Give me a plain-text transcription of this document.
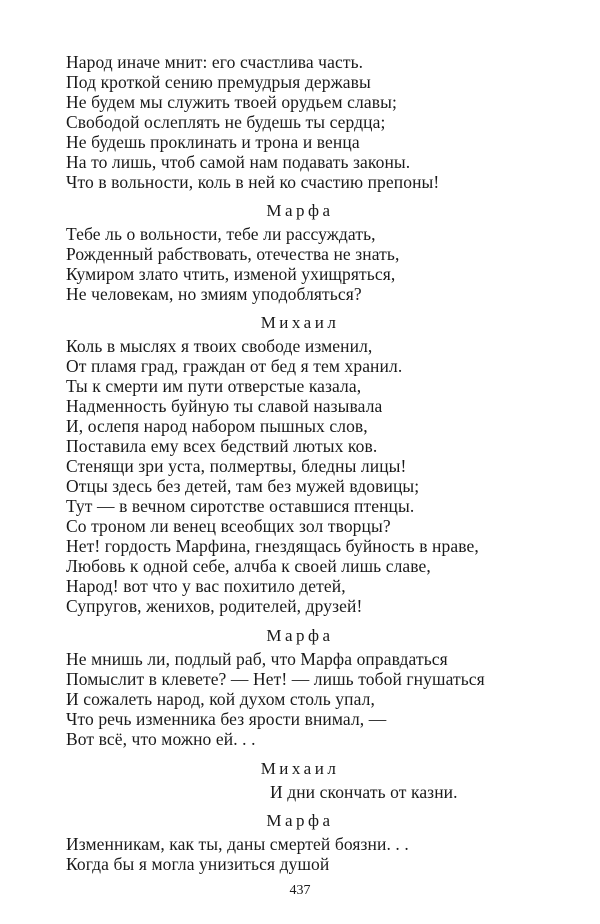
Народ иначе мнит: его счастлива часть.
Под кроткой сению премудрыя державы
Не будем мы служить твоей орудьем славы;
Свободой ослеплять не будешь ты сердца;
Не будешь проклинать и трона и венца
На то лишь, чтоб самой нам подавать законы.
Что в вольности, коль в ней ко счастию препоны!
Марфа
Тебе ль о вольности, тебе ли рассуждать,
Рожденный рабствовать, отечества не знать,
Кумиром злато чтить, изменой ухищряться,
Не человекам, но змиям уподобляться?
Михаил
Коль в мыслях я твоих свободе изменил,
От пламя град, граждан от бед я тем хранил.
Ты к смерти им пути отверстые казала,
Надменность буйную ты славой называла
И, ослепя народ набором пышных слов,
Поставила ему всех бедствий лютых ков.
Стенящи зри уста, полмертвы, бледны лицы!
Отцы здесь без детей, там без мужей вдовицы;
Тут — в вечном сиротстве оставшися птенцы.
Со троном ли венец всеобщих зол творцы?
Нет! гордость Марфина, гнездящась буйность в нраве,
Любовь к одной себе, алчба к своей лишь славе,
Народ! вот что у вас похитило детей,
Супругов, женихов, родителей, друзей!
Марфа
Не мнишь ли, подлый раб, что Марфа оправдаться
Помыслит в клевете? — Нет! — лишь тобой гнушаться
И сожалеть народ, кой духом столь упал,
Что речь изменника без ярости внимал, —
Вот всё, что можно ей. . .
Михаил
И дни скончать от казни.
Марфа
Изменникам, как ты, даны смертей боязни. . .
Когда бы я могла унизиться душой
437
